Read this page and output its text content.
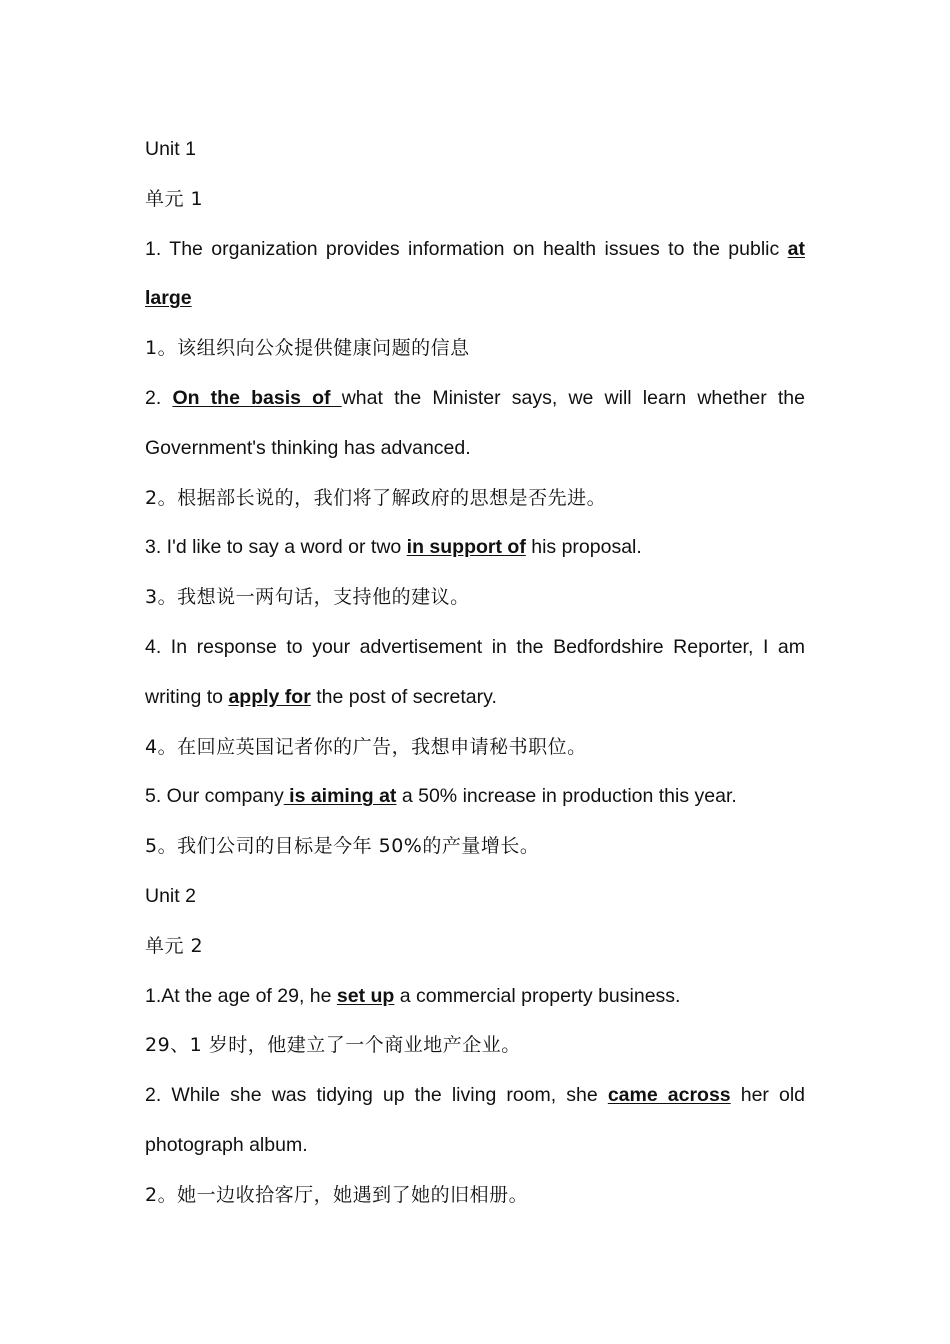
Unit 1
单元 1
1. The organization provides information on health issues to the public at large
1。该组织向公众提供健康问题的信息
2. On the basis of what the Minister says, we will learn whether the Government's thinking has advanced.
2。根据部长说的，我们将了解政府的思想是否先进。
3. I'd like to say a word or two in support of his proposal.
3。我想说一两句话，支持他的建议。
4. In response to your advertisement in the Bedfordshire Reporter, I am writing to apply for the post of secretary.
4。在回应英国记者你的广告，我想申请秘书职位。
5. Our company is aiming at a 50% increase in production this year.
5。我们公司的目标是今年 50%的产量增长。
Unit 2
单元 2
1.At the age of 29, he set up a commercial property business.
29、1 岁时，他建立了一个商业地产企业。
2. While she was tidying up the living room, she came across her old photograph album.
2。她一边收拾客厅，她遇到了她的旧相册。
